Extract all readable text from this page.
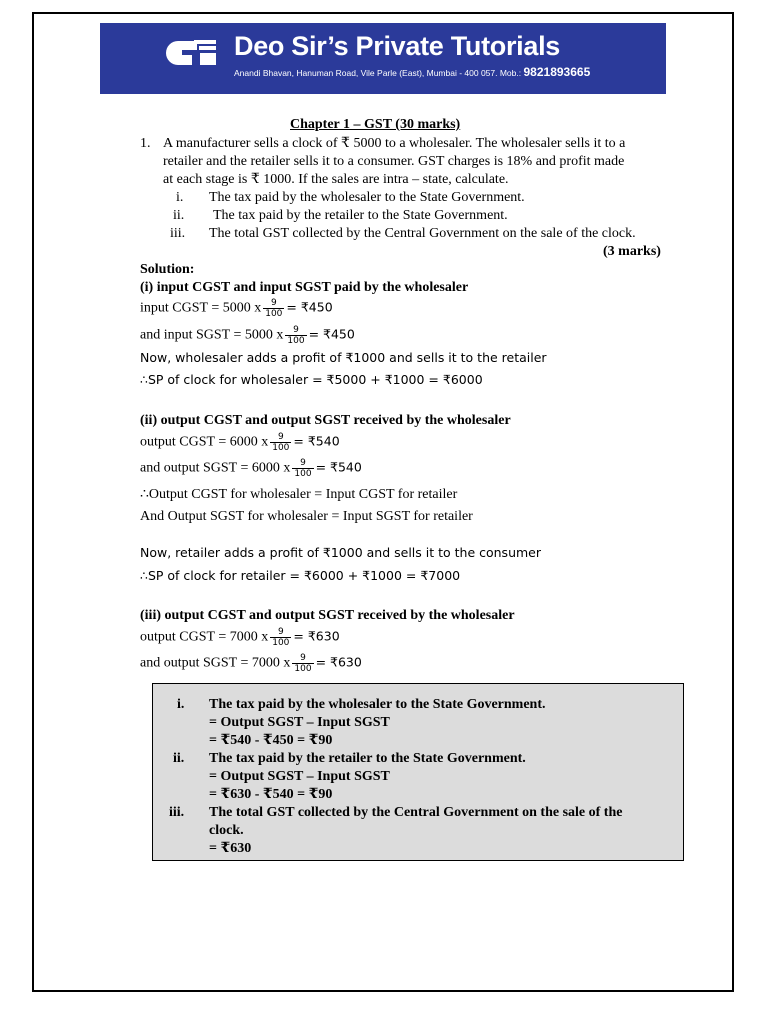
Deo Sir’s Private Tutorials
Anandi Bhavan, Hanuman Road, Vile Parle (East), Mumbai - 400 057. Mob.: 9821893665
Chapter 1 – GST (30 marks)
1. A manufacturer sells a clock of ₹ 5000 to a wholesaler. The wholesaler sells it to a
retailer and the retailer sells it to a consumer. GST charges is 18% and profit made
at each stage is ₹ 1000. If the sales are intra – state, calculate.
i. The tax paid by the wholesaler to the State Government.
ii. The tax paid by the retailer to the State Government.
iii. The total GST collected by the Central Government on the sale of the clock.
(3 marks)
Solution:
(i) input CGST and input SGST paid by the wholesaler
input CGST = 5000 x $\frac{9}{100}$ = ₹450
and input SGST = 5000 x $\frac{9}{100}$ = ₹450
Now, wholesaler adds a profit of ₹1000 and sells it to the retailer
∴SP of clock for wholesaler = ₹5000 + ₹1000 = ₹6000
(ii) output CGST and output SGST received by the wholesaler
output CGST = 6000 x $\frac{9}{100}$ = ₹540
and output SGST = 6000 x $\frac{9}{100}$ = ₹540
∴Output CGST for wholesaler = Input CGST for retailer
And Output SGST for wholesaler = Input SGST for retailer
Now, retailer adds a profit of ₹1000 and sells it to the consumer
∴SP of clock for retailer = ₹6000 + ₹1000 = ₹7000
(iii) output CGST and output SGST received by the wholesaler
output CGST = 7000 x $\frac{9}{100}$ = ₹630
and output SGST = 7000 x $\frac{9}{100}$ = ₹630
i. The tax paid by the wholesaler to the State Government.
= Output SGST – Input SGST
= ₹540 - ₹450 = ₹90
ii. The tax paid by the retailer to the State Government.
= Output SGST – Input SGST
= ₹630 - ₹540 = ₹90
iii. The total GST collected by the Central Government on the sale of the
clock.
= ₹630
